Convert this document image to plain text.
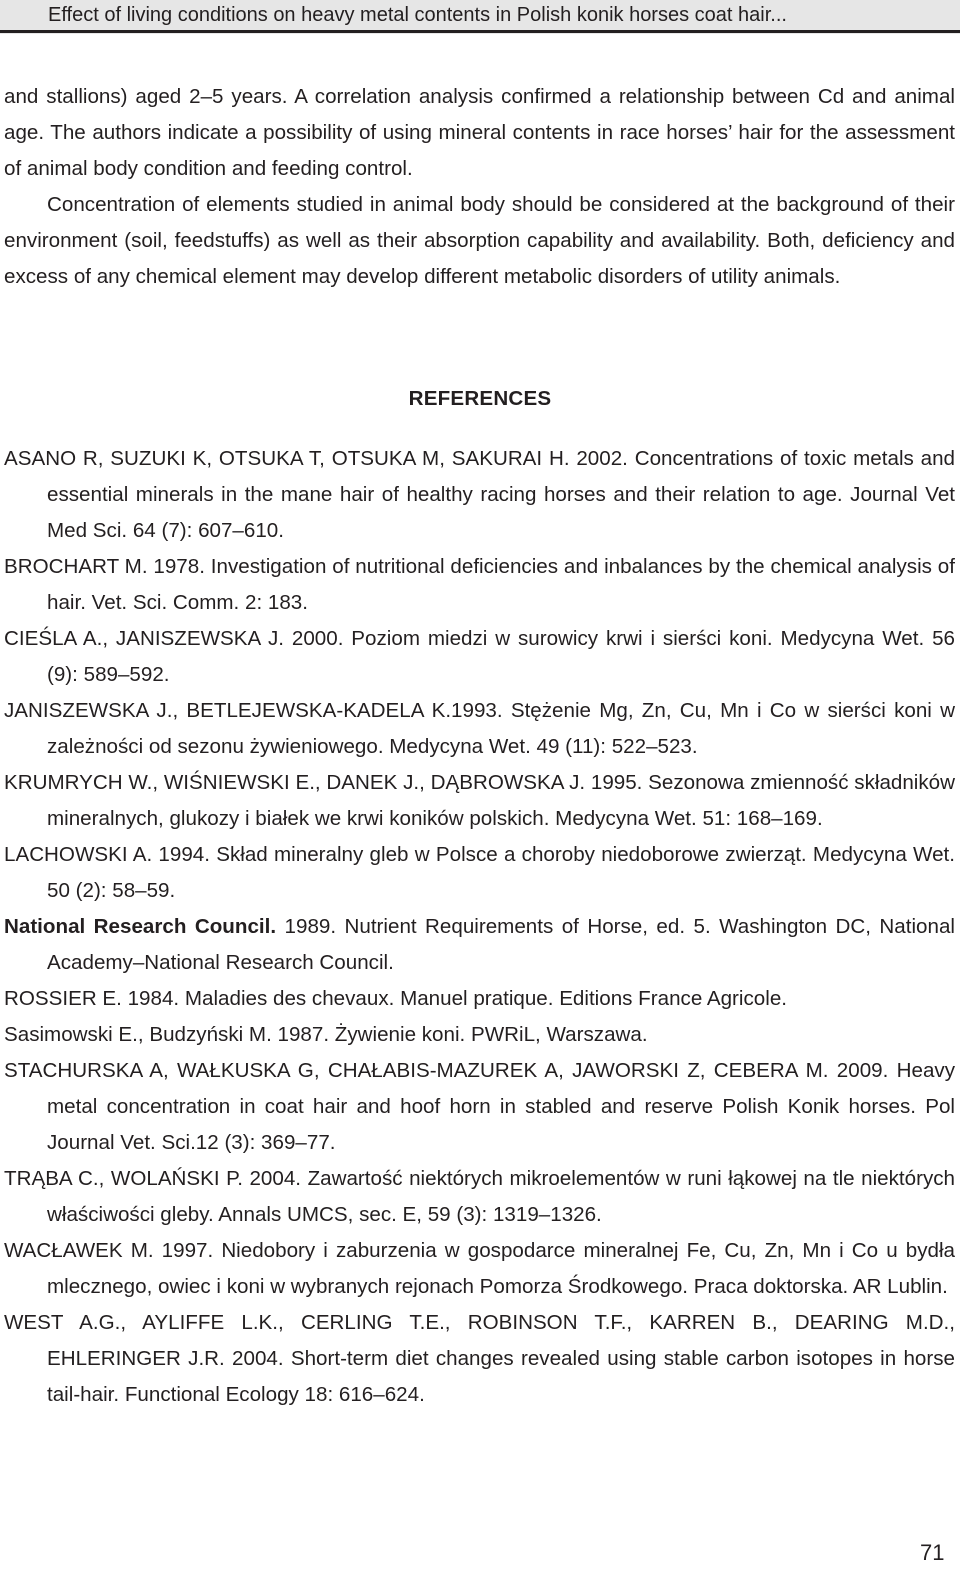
Effect of living conditions on heavy metal contents in Polish konik horses coat hair...

and stallions) aged 2–5 years. A correlation analysis confirmed a relationship between Cd and animal age. The authors indicate a possibility of using mineral contents in race horses’ hair for the assessment of animal body condition and feeding control.

Concentration of elements studied in animal body should be considered at the background of their environment (soil, feedstuffs) as well as their absorption capability and availability. Both, deficiency and excess of any chemical element may develop different metabolic disorders of utility animals.

REFERENCES

ASANO R, SUZUKI K, OTSUKA T, OTSUKA M, SAKURAI H. 2002. Concentrations of toxic metals and essential minerals in the mane hair of healthy racing horses and their relation to age. Journal Vet Med Sci. 64 (7): 607–610.

BROCHART M. 1978. Investigation of nutritional deficiencies and inbalances by the chemical analysis of hair. Vet. Sci. Comm. 2: 183.

CIEŚLA A., JANISZEWSKA J. 2000. Poziom miedzi w surowicy krwi i sierści koni. Medycyna Wet. 56 (9): 589–592.

JANISZEWSKA J., BETLEJEWSKA-KADELA K.1993. Stężenie Mg, Zn, Cu, Mn i Co w sierści koni w zależności od sezonu żywieniowego. Medycyna Wet. 49 (11): 522–523.

KRUMRYCH W., WIŚNIEWSKI E., DANEK J., DĄBROWSKA J. 1995. Sezonowa zmienność składników mineralnych, glukozy i białek we krwi koników polskich. Medycyna Wet. 51: 168–169.

LACHOWSKI A. 1994. Skład mineralny gleb w Polsce a choroby niedoborowe zwierząt. Medycyna Wet. 50 (2): 58–59.

National Research Council. 1989. Nutrient Requirements of Horse, ed. 5. Washington DC, National Academy–National Research Council.

ROSSIER E. 1984. Maladies des chevaux. Manuel pratique. Editions France Agricole.

Sasimowski E., Budzyński M. 1987. Żywienie koni. PWRiL, Warszawa.

STACHURSKA A, WAŁKUSKA G, CHAŁABIS-MAZUREK A, JAWORSKI Z, CEBERA M. 2009. Heavy metal concentration in coat hair and hoof horn in stabled and reserve Polish Konik horses. Pol Journal Vet. Sci.12 (3): 369–77.

TRĄBA C., WOLAŃSKI P. 2004. Zawartość niektórych mikroelementów w runi łąkowej na tle niektórych właściwości gleby. Annals UMCS, sec. E, 59 (3): 1319–1326.

WACŁAWEK M. 1997. Niedobory i zaburzenia w gospodarce mineralnej Fe, Cu, Zn, Mn i Co u bydła mlecznego, owiec i koni w wybranych rejonach Pomorza Środkowego. Praca doktorska. AR Lublin.

WEST A.G., AYLIFFE L.K., CERLING T.E., ROBINSON T.F., KARREN B., DEARING M.D., EHLERINGER J.R. 2004. Short-term diet changes revealed using stable carbon isotopes in horse tail-hair. Functional Ecology 18: 616–624.

71
